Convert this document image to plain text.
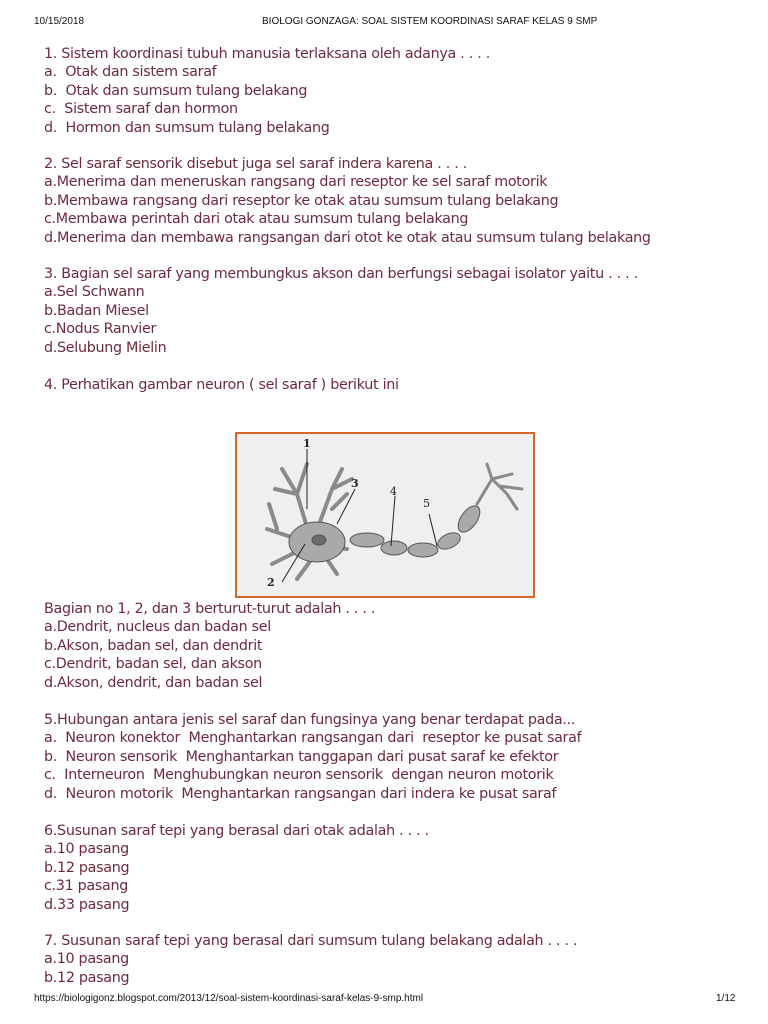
10/15/2018	BIOLOGI GONZAGA: SOAL SISTEM KOORDINASI SARAF KELAS 9 SMP
1. Sistem koordinasi tubuh manusia terlaksana oleh adanya . . . .
a.  Otak dan sistem saraf
b.  Otak dan sumsum tulang belakang
c.  Sistem saraf dan hormon
d.  Hormon dan sumsum tulang belakang
2. Sel saraf sensorik disebut juga sel saraf indera karena . . . .
a.Menerima dan meneruskan rangsang dari reseptor ke sel saraf motorik
b.Membawa rangsang dari reseptor ke otak atau sumsum tulang belakang
c.Membawa perintah dari otak atau sumsum tulang belakang
d.Menerima dan membawa rangsangan dari otot ke otak atau sumsum tulang belakang
3. Bagian sel saraf yang membungkus akson dan berfungsi sebagai isolator yaitu . . . .
a.Sel Schwann
b.Badan Miesel
c.Nodus Ranvier
d.Selubung Mielin
4. Perhatikan gambar neuron ( sel saraf ) berikut ini
1
2
3
4
5
Bagian no 1, 2, dan 3 berturut-turut adalah . . . .
a.Dendrit, nucleus dan badan sel
b.Akson, badan sel, dan dendrit
c.Dendrit, badan sel, dan akson
d.Akson, dendrit, dan badan sel
5.Hubungan antara jenis sel saraf dan fungsinya yang benar terdapat pada...
a.  Neuron konektor  Menghantarkan rangsangan dari  reseptor ke pusat saraf
b.  Neuron sensorik  Menghantarkan tanggapan dari pusat saraf ke efektor
c.  Interneuron  Menghubungkan neuron sensorik  dengan neuron motorik
d.  Neuron motorik  Menghantarkan rangsangan dari indera ke pusat saraf
6.Susunan saraf tepi yang berasal dari otak adalah . . . .
a.10 pasang
b.12 pasang
c.31 pasang
d.33 pasang
7. Susunan saraf tepi yang berasal dari sumsum tulang belakang adalah . . . .
a.10 pasang
b.12 pasang
https://biologigonz.blogspot.com/2013/12/soal-sistem-koordinasi-saraf-kelas-9-smp.html	1/12
